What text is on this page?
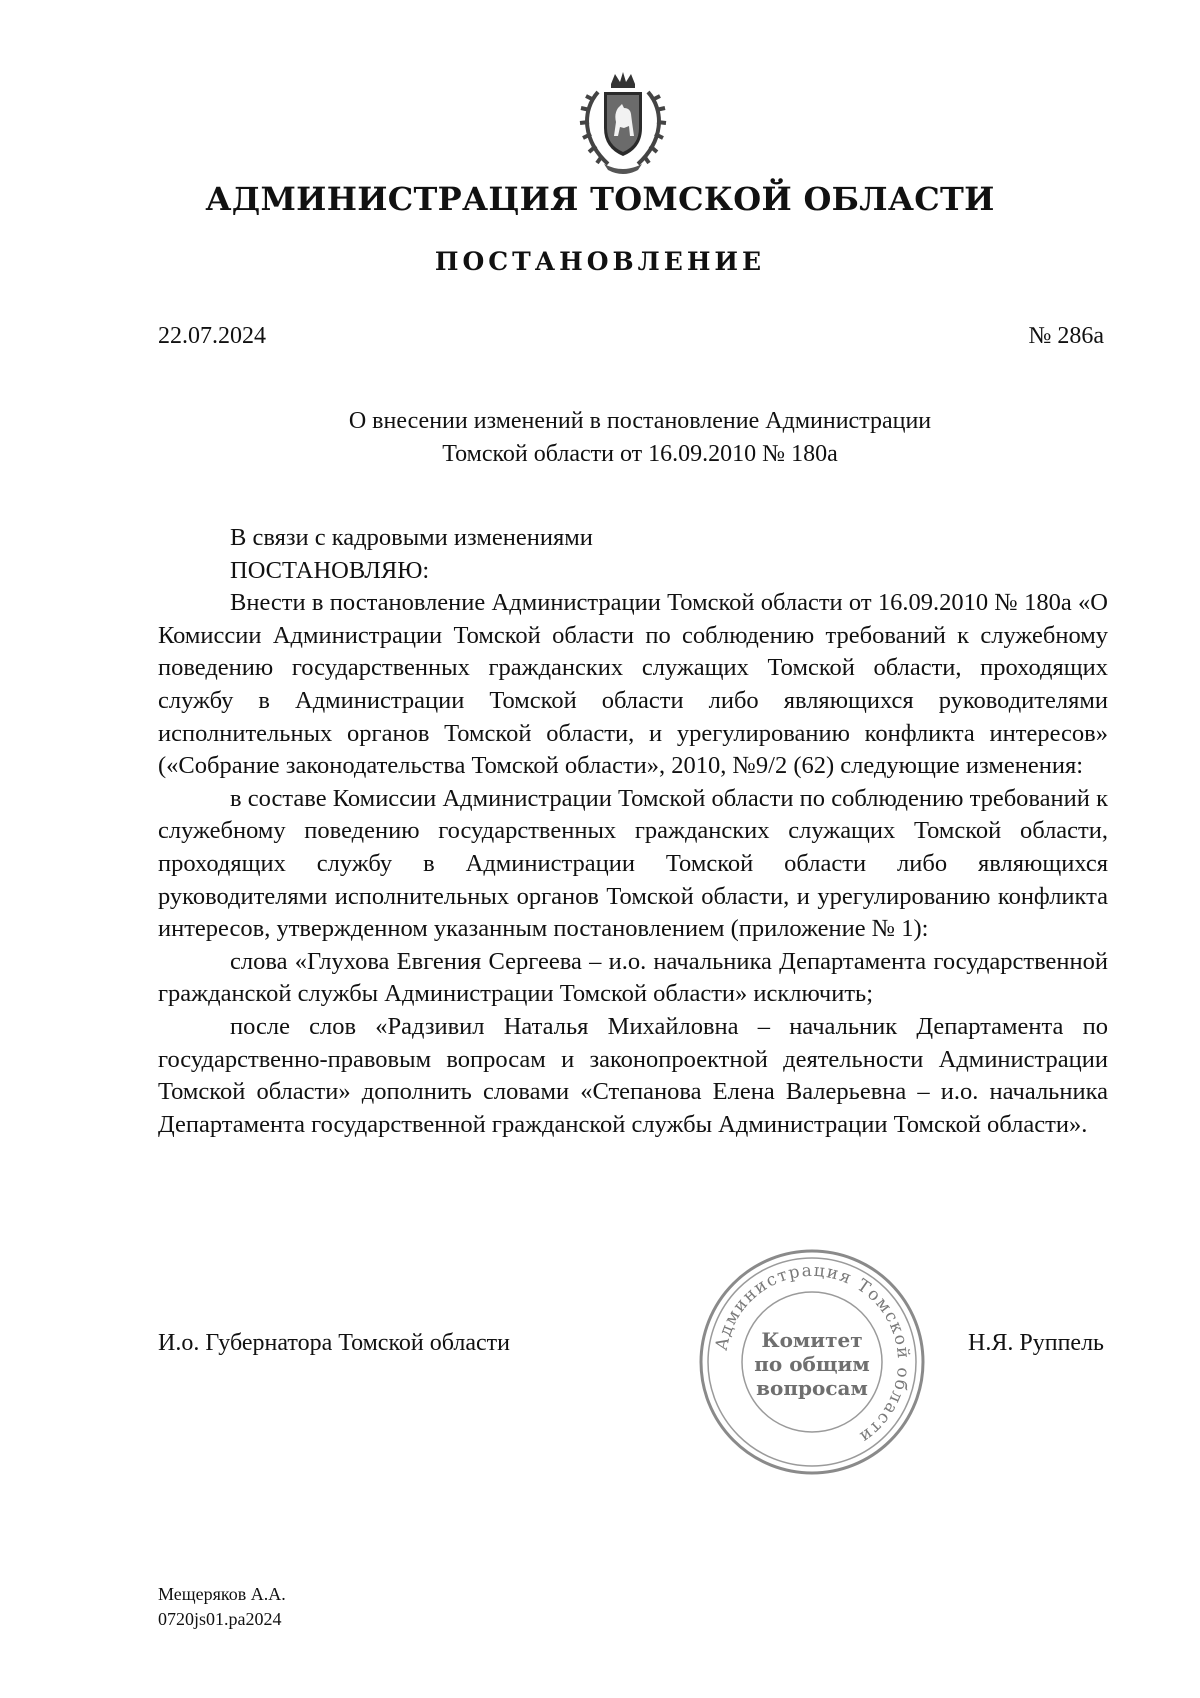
АДМИНИСТРАЦИЯ ТОМСКОЙ ОБЛАСТИ
ПОСТАНОВЛЕНИЕ
22.07.2024	№ 286а
О внесении изменений в постановление Администрации
Томской области от 16.09.2010 № 180а

В связи с кадровыми изменениями

ПОСТАНОВЛЯЮ:

Внести в постановление Администрации Томской области от 16.09.2010 № 180а «О Комиссии Администрации Томской области по соблюдению требований к служебному поведению государственных гражданских служащих Томской области, проходящих службу в Администрации Томской области либо являющихся руководителями исполнительных органов Томской области, и урегулированию конфликта интересов» («Собрание законодательства Томской области», 2010, №9/2 (62) следующие изменения:

в составе Комиссии Администрации Томской области по соблюдению требований к служебному поведению государственных гражданских служащих Томской области, проходящих службу в Администрации Томской области либо являющихся руководителями исполнительных органов Томской области, и урегулированию конфликта интересов, утвержденном указанным постановлением (приложение № 1):

слова «Глухова Евгения Сергеева – и.о. начальника Департамента государственной гражданской службы Администрации Томской области» исключить;

после слов «Радзивил Наталья Михайловна – начальник Департамента по государственно-правовым вопросам и законопроектной деятельности Администрации Томской области» дополнить словами «Степанова Елена Валерьевна – и.о. начальника Департамента государственной гражданской службы Администрации Томской области».

И.о. Губернатора Томской области	Н.Я. Руппель
Администрация Томской области
Комитет
по общим
вопросам
Мещеряков А.А.
0720js01.pa2024
